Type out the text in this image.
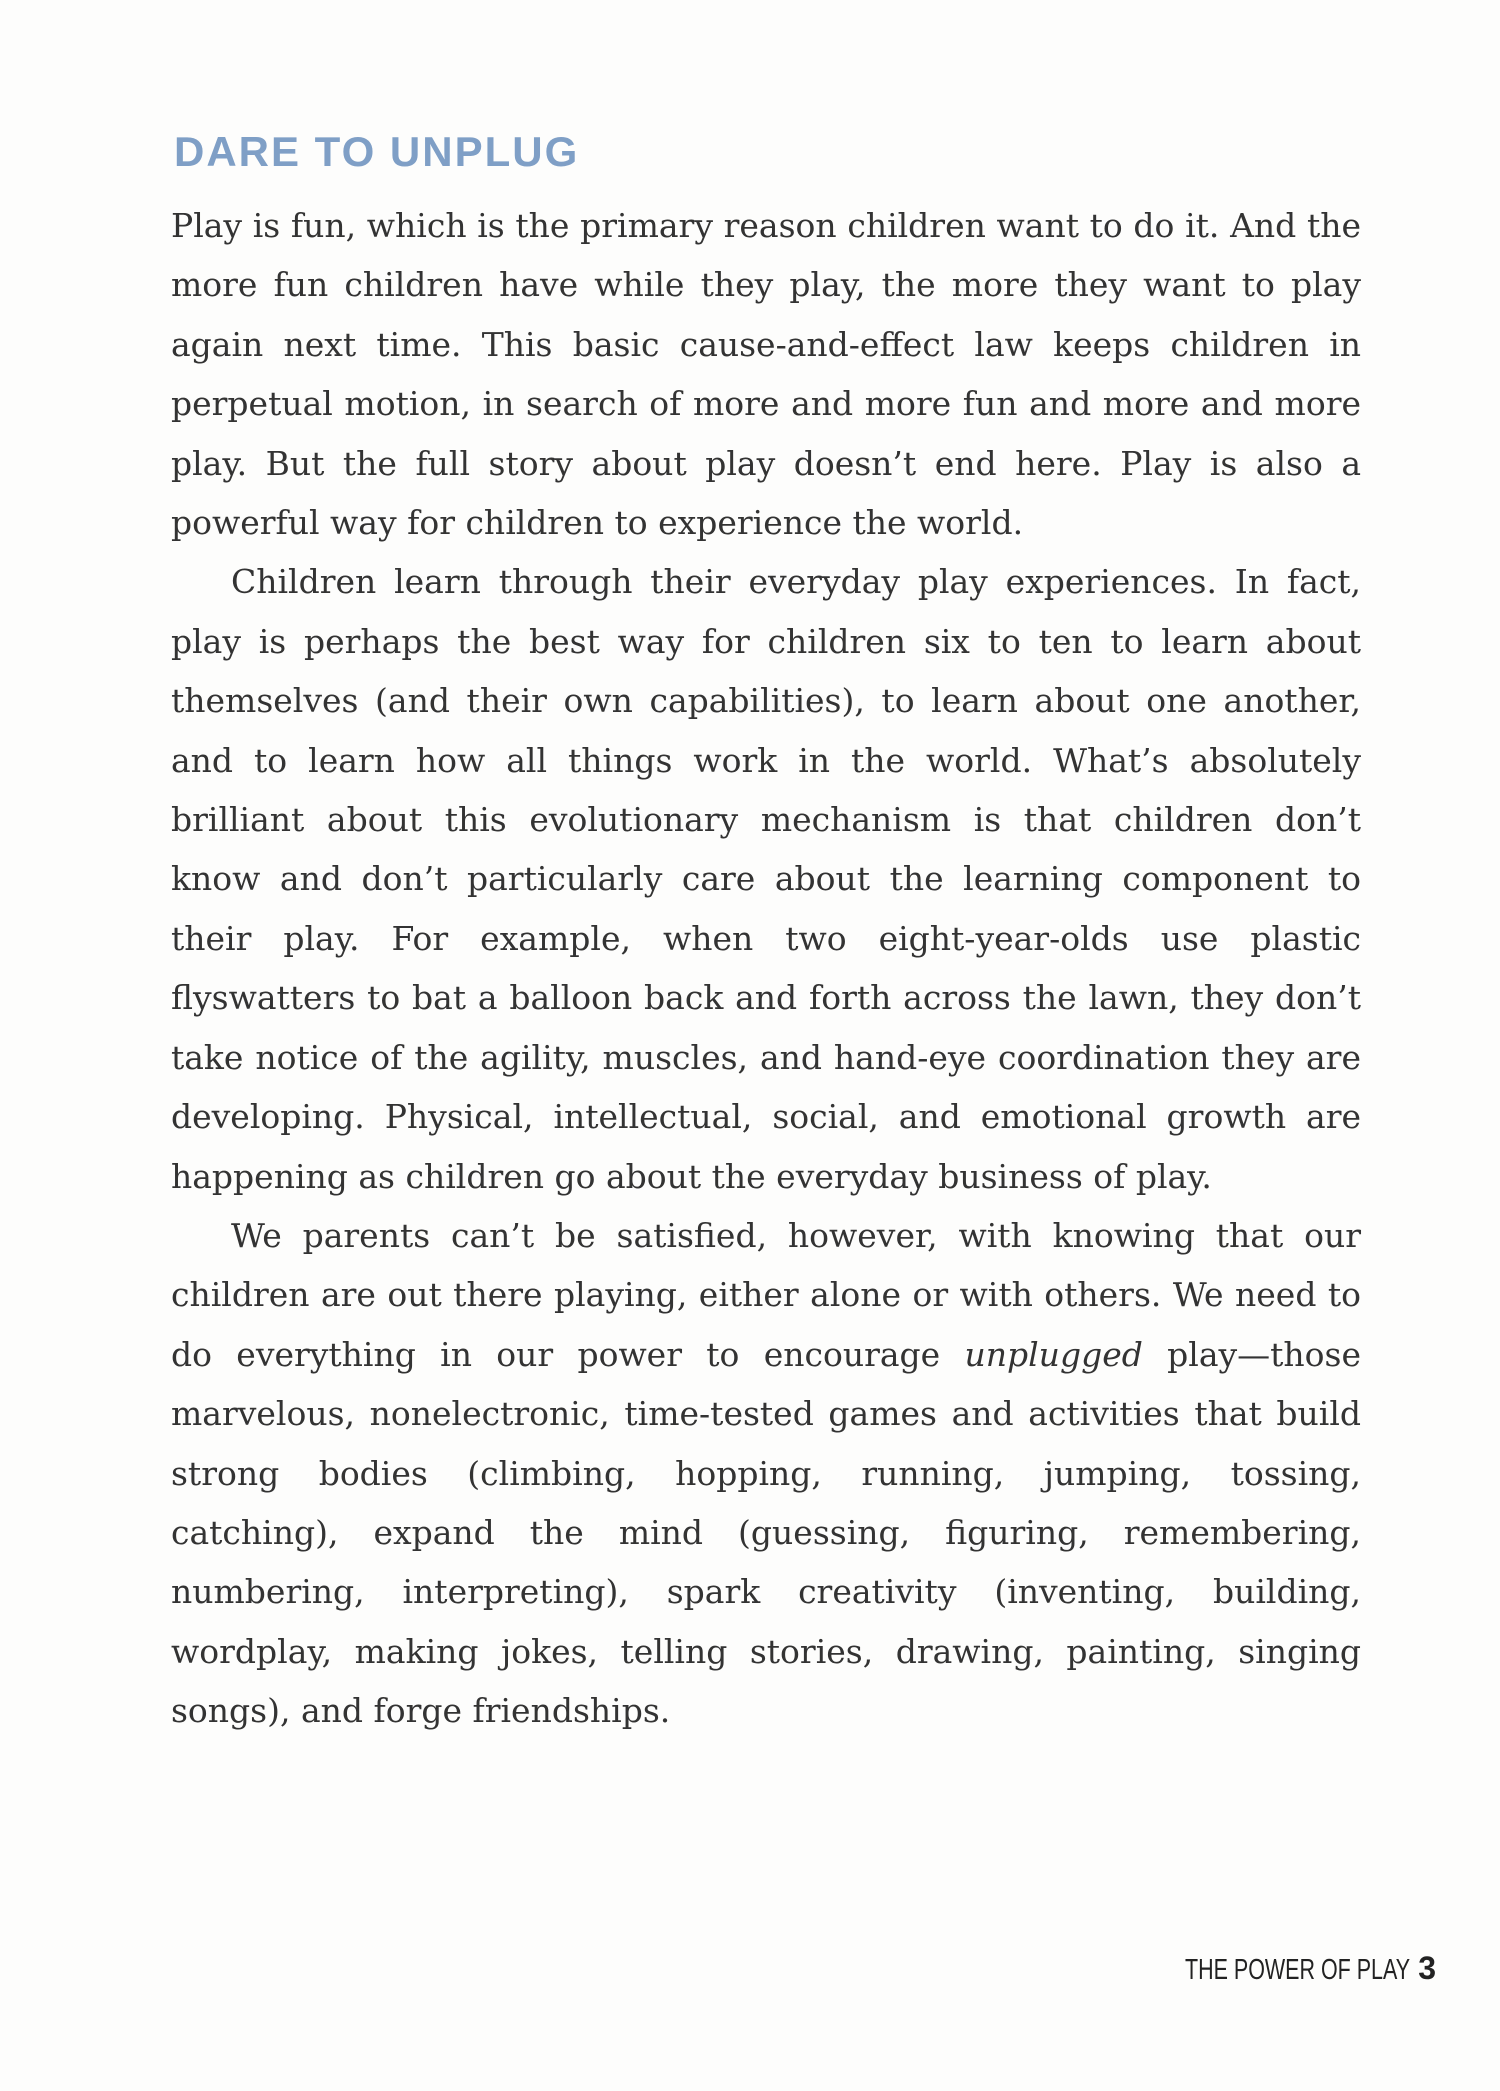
DARE TO UNPLUG

Play is fun, which is the primary reason children want to do it. And the more fun children have while they play, the more they want to play again next time. This basic cause-and-effect law keeps children in perpetual motion, in search of more and more fun and more and more play. But the full story about play doesn’t end here. Play is also a powerful way for children to experience the world.

Children learn through their everyday play experiences. In fact, play is perhaps the best way for children six to ten to learn about themselves (and their own capabilities), to learn about one another, and to learn how all things work in the world. What’s absolutely brilliant about this evolutionary mechanism is that children don’t know and don’t particularly care about the learning component to their play. For example, when two eight-year-olds use plastic flyswatters to bat a balloon back and forth across the lawn, they don’t take notice of the agility, muscles, and hand-eye coordination they are developing. Physical, intellectual, social, and emotional growth are happening as children go about the everyday business of play.

We parents can’t be satisfied, however, with knowing that our children are out there playing, either alone or with others. We need to do everything in our power to encourage unplugged play—those marvelous, nonelectronic, time-tested games and activities that build strong bodies (climbing, hopping, running, jumping, tossing, catching), expand the mind (guessing, figuring, remembering, numbering, interpreting), spark creativity (inventing, building, wordplay, making jokes, telling stories, drawing, painting, singing songs), and forge friendships.

THE POWER OF PLAY 3
